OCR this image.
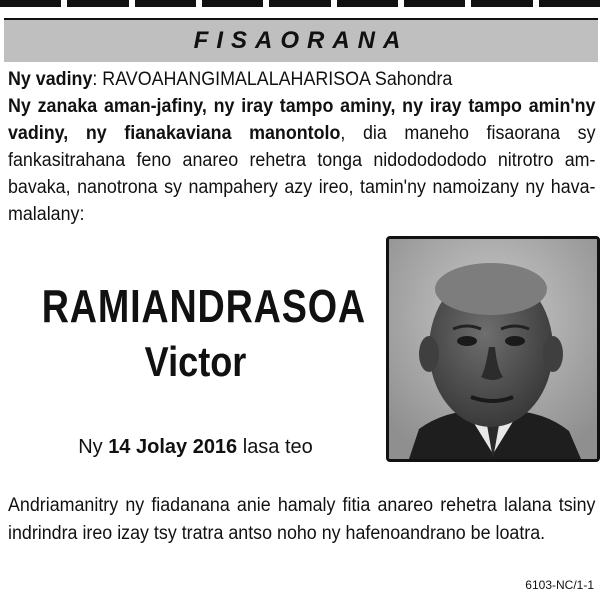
FISAORANA
Ny vadiny: RAVOAHANGIMALALAHARISOA Sahondra
Ny zanaka aman-jafiny, ny iray tampo aminy, ny iray tampo amin'ny vadiny, ny fianakaviana manontolo, dia maneho fisaorana sy fankasitrahana feno anareo rehetra tonga nidododododo nitrotro am-bavaka, nanotrona sy nampahery azy ireo, tamin'ny namoizany ny hava-malalany:
RAMIANDRASOA
Victor
Ny 14 Jolay 2016 lasa teo
Andriamanitry ny fiadanana anie hamaly fitia anareo rehetra lalana tsiny indrindra ireo izay tsy tratra antso noho ny hafenoandrano be loatra.
6103-NC/1-1
